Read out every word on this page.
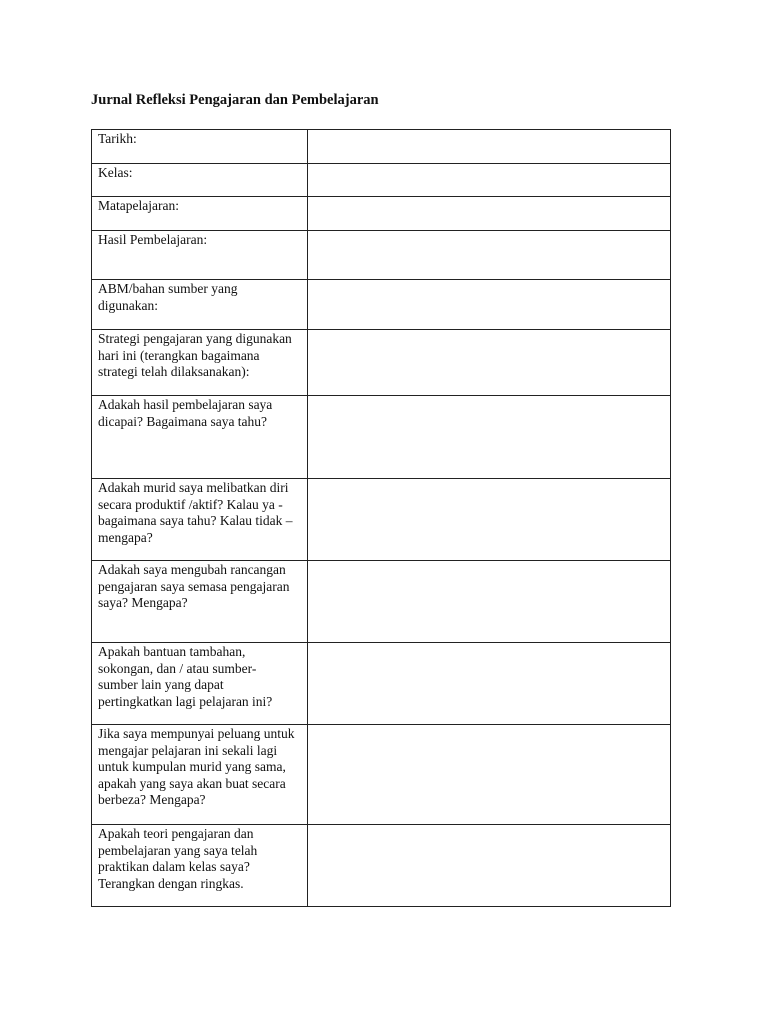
Jurnal Refleksi Pengajaran dan Pembelajaran
Tarikh:	

Kelas:	

Matapelajaran:	

Hasil Pembelajaran:	

ABM/bahan sumber yang
digunakan:	

Strategi pengajaran yang digunakan
hari ini (terangkan bagaimana
strategi telah dilaksanakan):	

Adakah hasil pembelajaran saya
dicapai? Bagaimana saya tahu?	

Adakah murid saya melibatkan diri
secara produktif /aktif? Kalau ya -
bagaimana saya tahu? Kalau tidak –
mengapa?	

Adakah saya mengubah rancangan
pengajaran saya semasa pengajaran
saya? Mengapa?	

Apakah bantuan tambahan,
sokongan, dan / atau sumber-
sumber lain yang dapat
pertingkatkan lagi pelajaran ini?	

Jika saya mempunyai peluang untuk
mengajar pelajaran ini sekali lagi
untuk kumpulan murid yang sama,
apakah yang saya akan buat secara
berbeza? Mengapa?	

Apakah teori pengajaran dan
pembelajaran yang saya telah
praktikan dalam kelas saya?
Terangkan dengan ringkas.	
